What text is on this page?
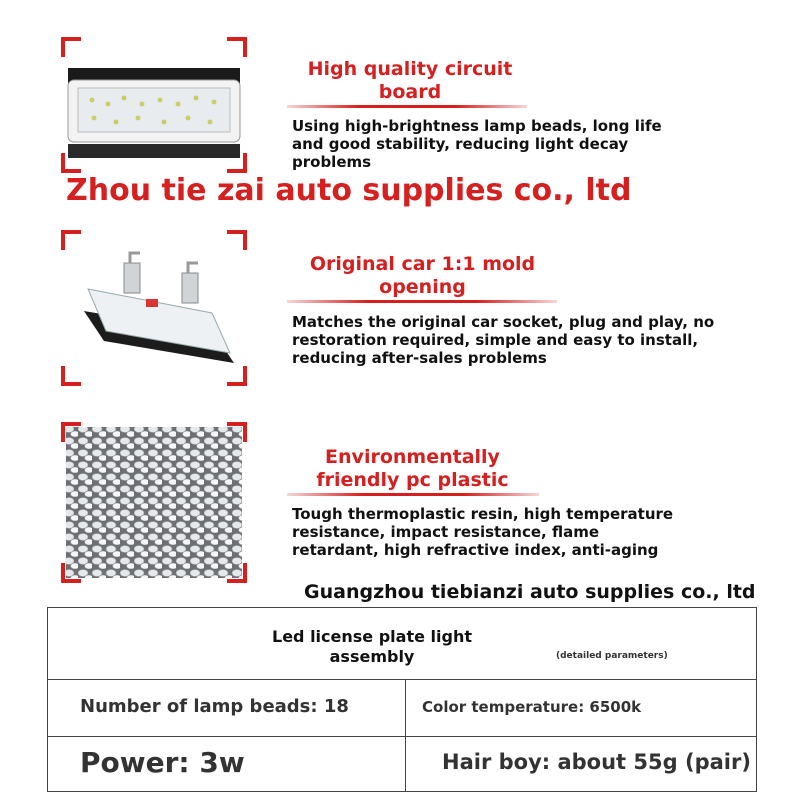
High quality circuit
board
Using high-brightness lamp beads, long life
and good stability, reducing light decay
problems
Zhou tie zai auto supplies co., ltd
Original car 1:1 mold
opening
Matches the original car socket, plug and play, no
restoration required, simple and easy to install,
reducing after-sales problems
Environmentally
friendly pc plastic
Tough thermoplastic resin, high temperature
resistance, impact resistance, flame
retardant, high refractive index, anti-aging
Guangzhou tiebianzi auto supplies co., ltd
Led license plate light
assembly	(detailed parameters)
Number of lamp beads: 18	Color temperature: 6500k
Power: 3w	Hair boy: about 55g (pair)
